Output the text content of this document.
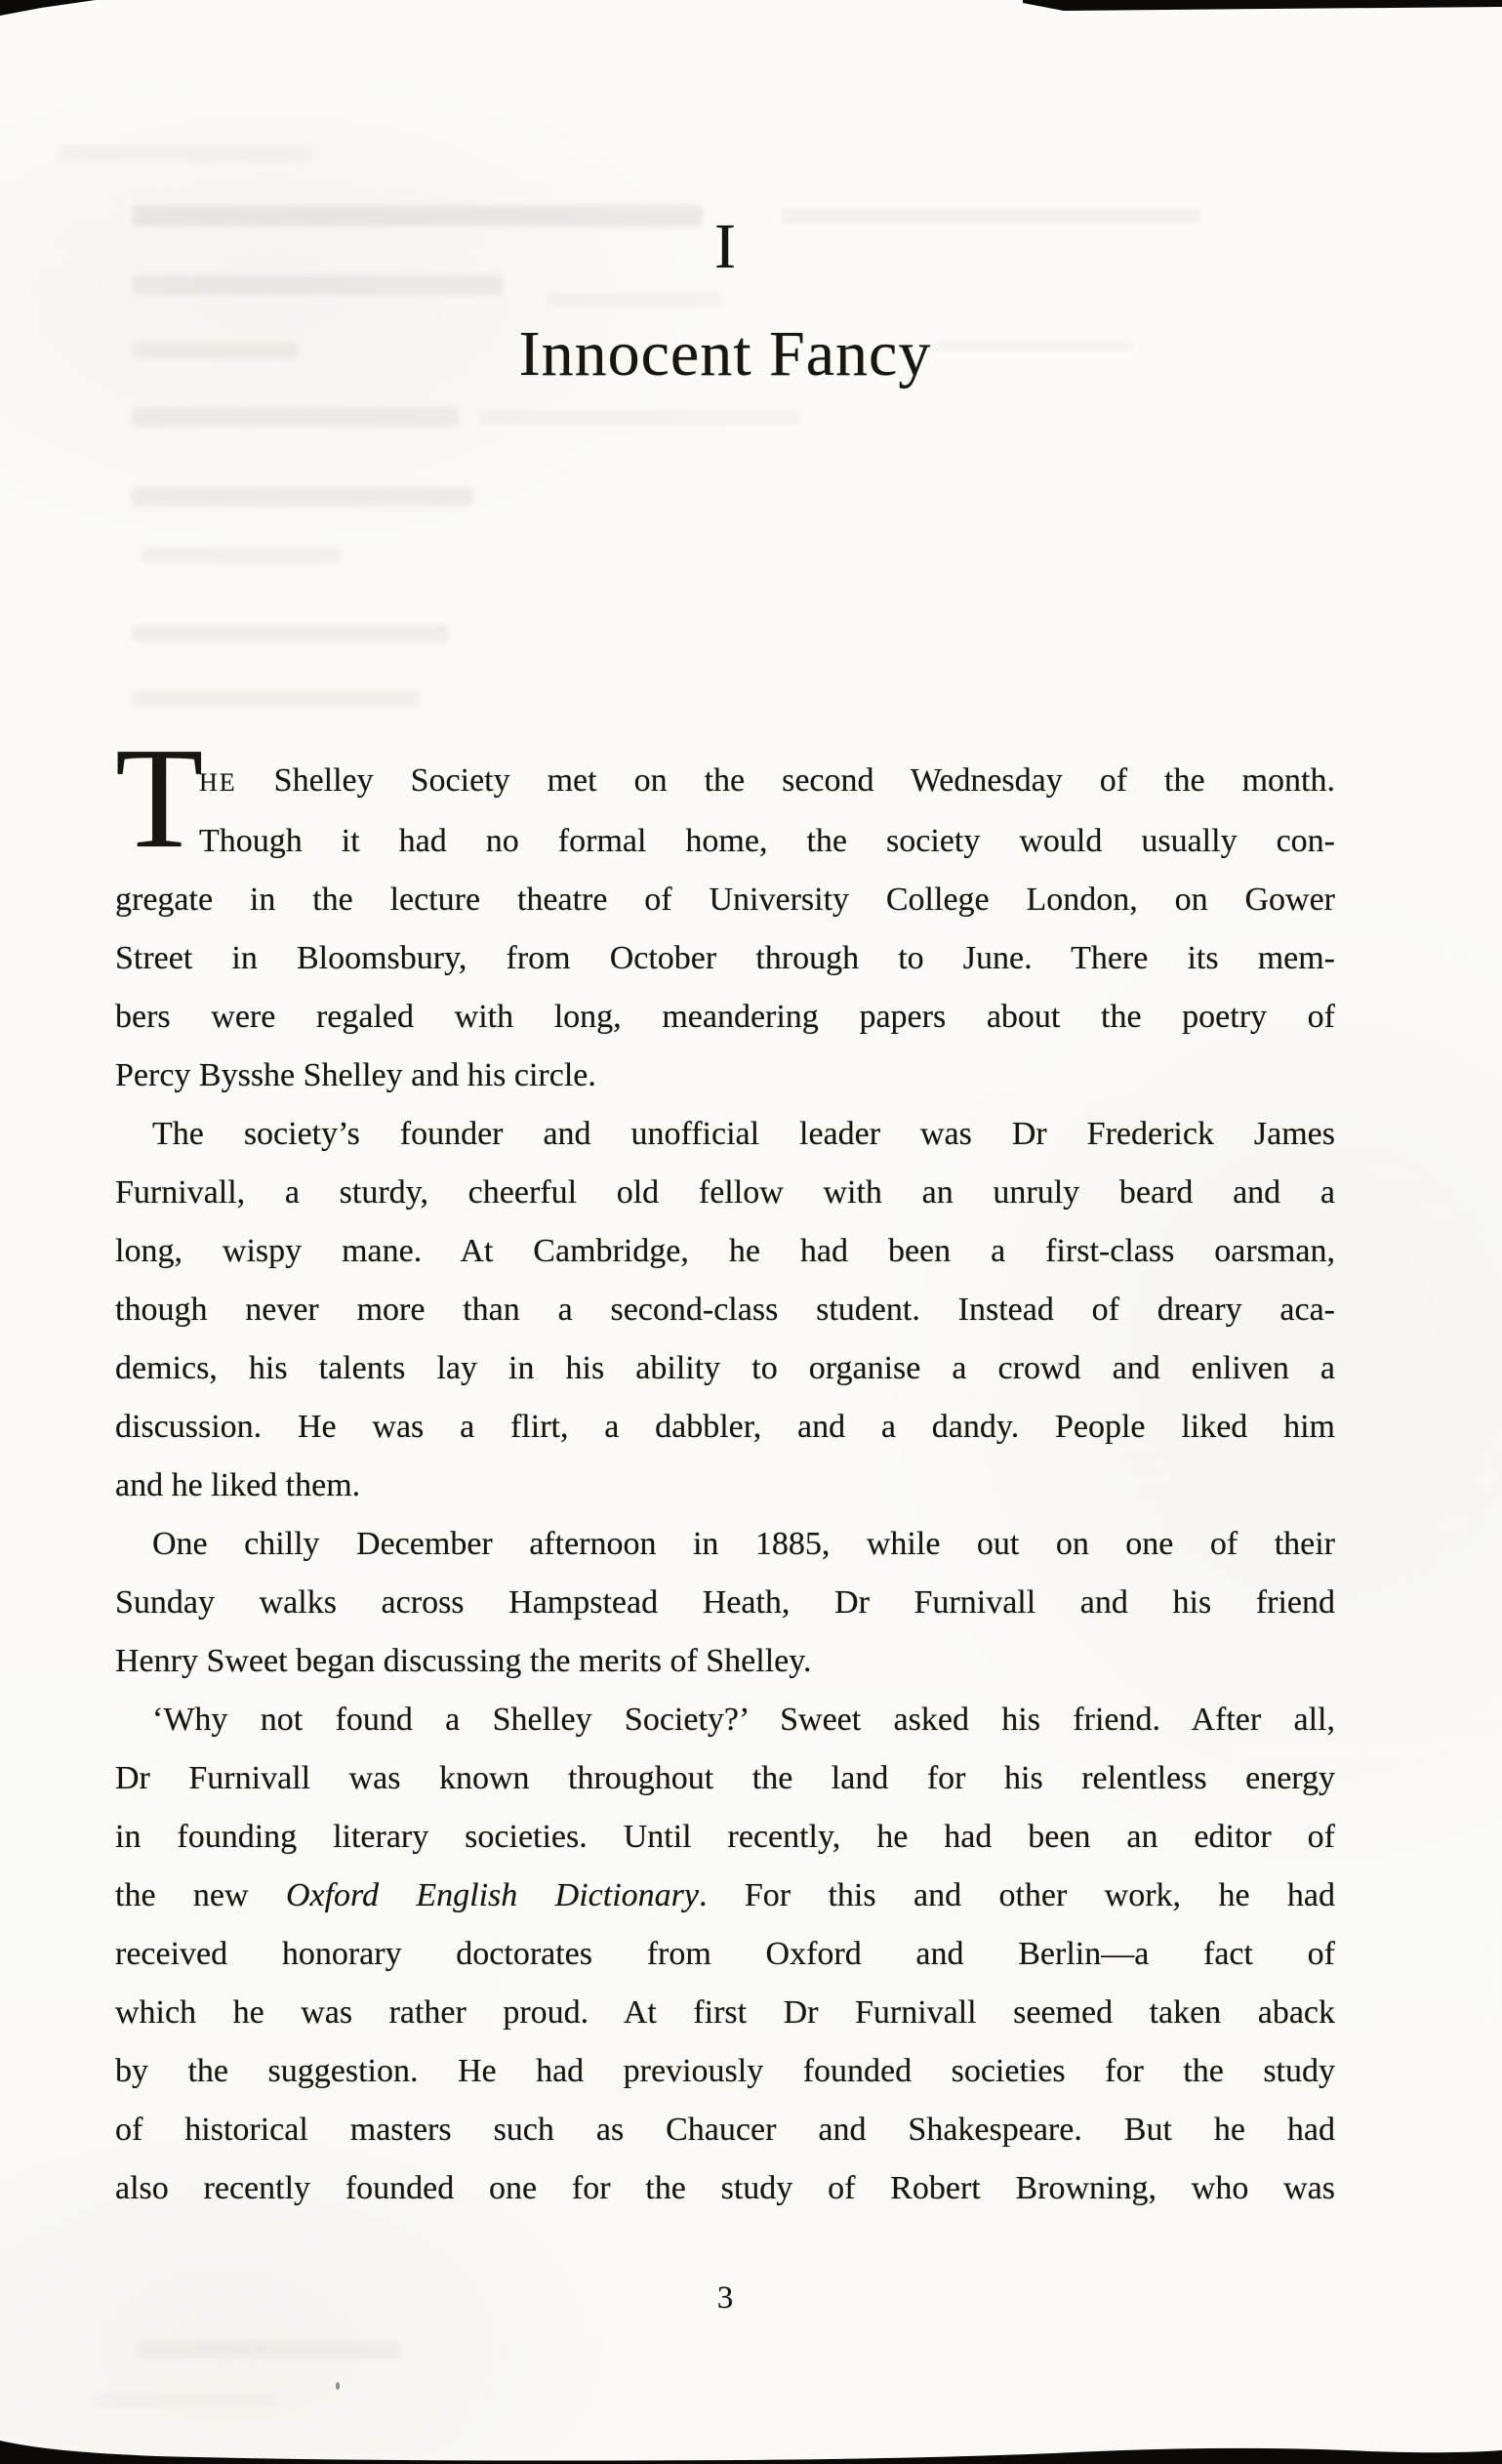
I
Innocent Fancy
T
HE Shelley Society met on the second Wednesday of the month.
Though it had no formal home, the society would usually con-
gregate in the lecture theatre of University College London, on Gower
Street in Bloomsbury, from October through to June. There its mem-
bers were regaled with long, meandering papers about the poetry of
Percy Bysshe Shelley and his circle.
The society’s founder and unofficial leader was Dr Frederick James
Furnivall, a sturdy, cheerful old fellow with an unruly beard and a
long, wispy mane. At Cambridge, he had been a first-class oarsman,
though never more than a second-class student. Instead of dreary aca-
demics, his talents lay in his ability to organise a crowd and enliven a
discussion. He was a flirt, a dabbler, and a dandy. People liked him
and he liked them.
One chilly December afternoon in 1885, while out on one of their
Sunday walks across Hampstead Heath, Dr Furnivall and his friend
Henry Sweet began discussing the merits of Shelley.
‘Why not found a Shelley Society?’ Sweet asked his friend. After all,
Dr Furnivall was known throughout the land for his relentless energy
in founding literary societies. Until recently, he had been an editor of
the new Oxford English Dictionary. For this and other work, he had
received honorary doctorates from Oxford and Berlin—a fact of
which he was rather proud. At first Dr Furnivall seemed taken aback
by the suggestion. He had previously founded societies for the study
of historical masters such as Chaucer and Shakespeare. But he had
also recently founded one for the study of Robert Browning, who was
3
